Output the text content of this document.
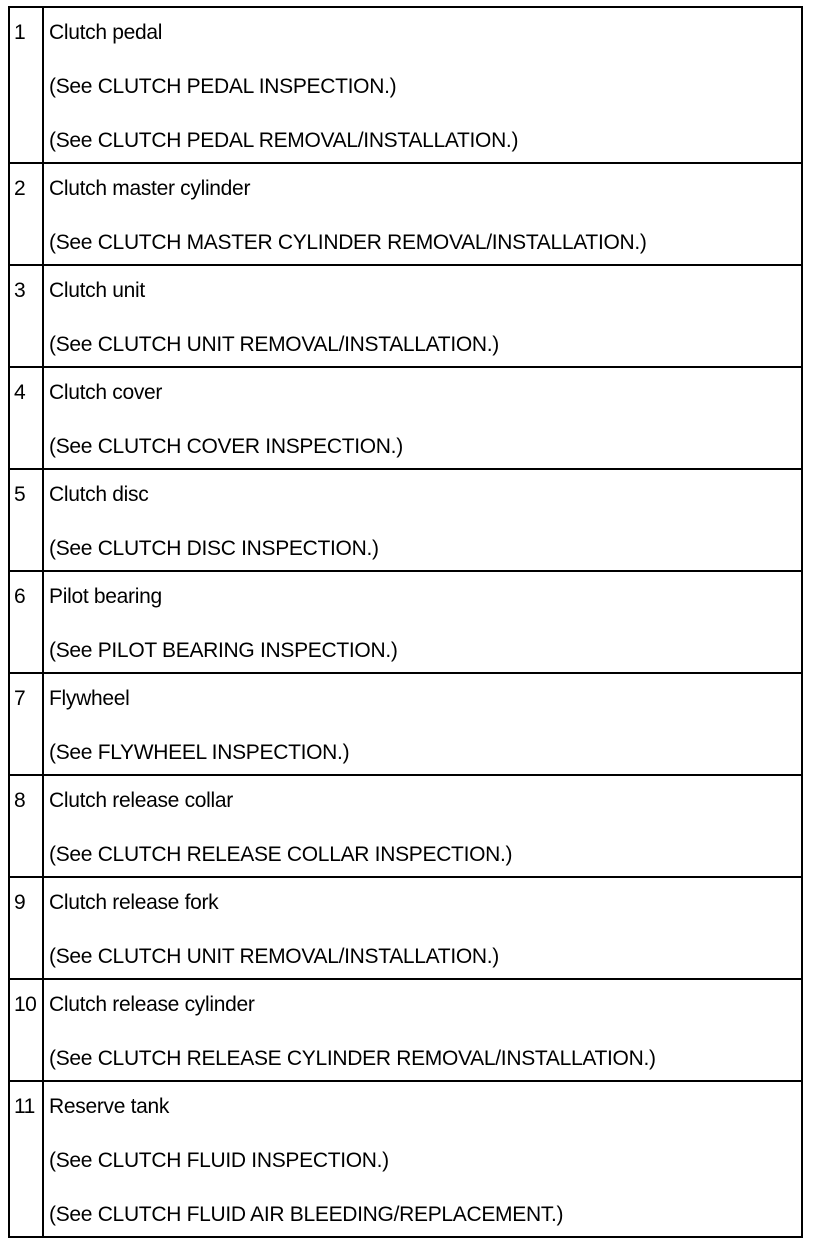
1	Clutch pedal
(See CLUTCH PEDAL INSPECTION.)
(See CLUTCH PEDAL REMOVAL/INSTALLATION.)

2	Clutch master cylinder
(See CLUTCH MASTER CYLINDER REMOVAL/INSTALLATION.)

3	Clutch unit
(See CLUTCH UNIT REMOVAL/INSTALLATION.)

4	Clutch cover
(See CLUTCH COVER INSPECTION.)

5	Clutch disc
(See CLUTCH DISC INSPECTION.)

6	Pilot bearing
(See PILOT BEARING INSPECTION.)

7	Flywheel
(See FLYWHEEL INSPECTION.)

8	Clutch release collar
(See CLUTCH RELEASE COLLAR INSPECTION.)

9	Clutch release fork
(See CLUTCH UNIT REMOVAL/INSTALLATION.)

10	Clutch release cylinder
(See CLUTCH RELEASE CYLINDER REMOVAL/INSTALLATION.)

11	Reserve tank
(See CLUTCH FLUID INSPECTION.)
(See CLUTCH FLUID AIR BLEEDING/REPLACEMENT.)
